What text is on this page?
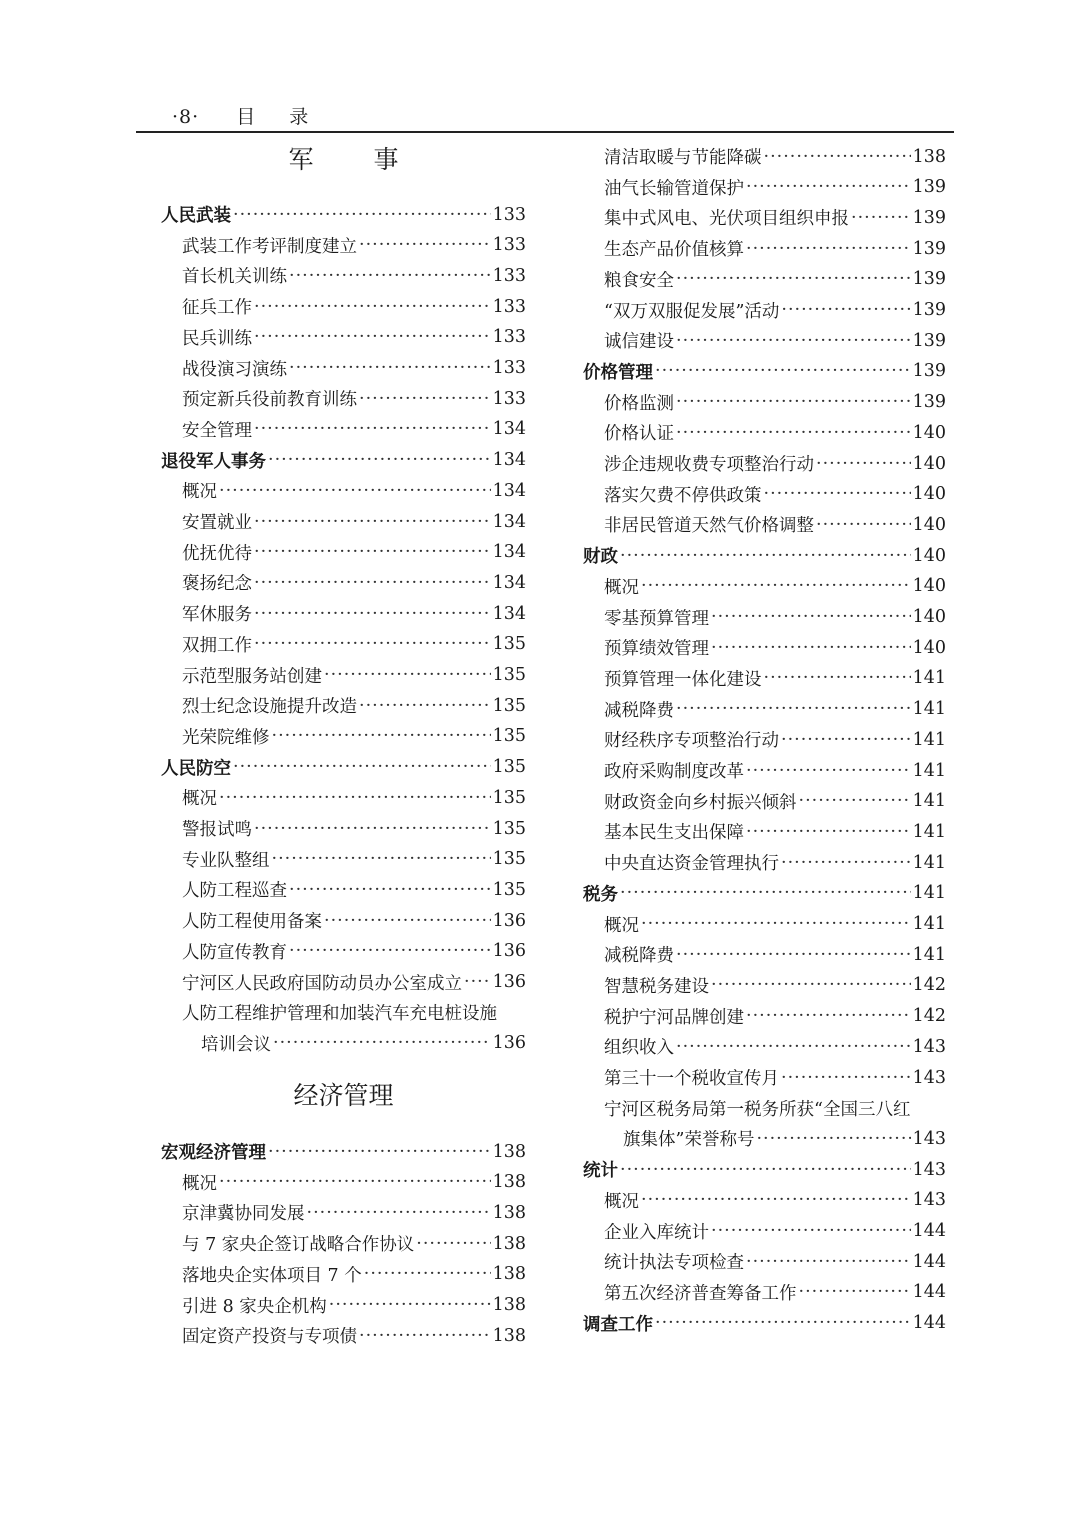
·8· 目 录
军 事
人民武装 ·····	133
武装工作考评制度建立 ·····	133
首长机关训练 ·····	133
征兵工作 ·····	133
民兵训练 ·····	133
战役演习演练 ·····	133
预定新兵役前教育训练 ·····	133
安全管理 ·····	134
退役军人事务 ·····	134
概况 ·····	134
安置就业 ·····	134
优抚优待 ·····	134
褒扬纪念 ·····	134
军休服务 ·····	134
双拥工作 ·····	135
示范型服务站创建 ·····	135
烈士纪念设施提升改造 ·····	135
光荣院维修 ·····	135
人民防空 ·····	135
概况 ·····	135
警报试鸣 ·····	135
专业队整组 ·····	135
人防工程巡查 ·····	135
人防工程使用备案 ·····	136
人防宣传教育 ·····	136
宁河区人民政府国防动员办公室成立 ····· 136
人防工程维护管理和加装汽车充电桩设施
培训会议 ·····	136
经济管理
宏观经济管理 ·····	138
概况 ·····	138
京津冀协同发展 ·····	138
与 7 家央企签订战略合作协议 ·····	138
落地央企实体项目 7 个 ·····	138
引进 8 家央企机构 ·····	138
固定资产投资与专项债 ·····	138
清洁取暖与节能降碳 ·····	138
油气长输管道保护 ·····	139
集中式风电、光伏项目组织申报 ·····	139
生态产品价值核算 ·····	139
粮食安全 ·····	139
“双万双服促发展”活动 ·····	139
诚信建设 ·····	139
价格管理 ·····	139
价格监测 ·····	139
价格认证 ·····	140
涉企违规收费专项整治行动 ·····	140
落实欠费不停供政策 ·····	140
非居民管道天然气价格调整 ·····	140
财政 ·····	140
概况 ·····	140
零基预算管理 ·····	140
预算绩效管理 ·····	140
预算管理一体化建设 ·····	141
减税降费 ·····	141
财经秩序专项整治行动 ·····	141
政府采购制度改革 ·····	141
财政资金向乡村振兴倾斜 ·····	141
基本民生支出保障 ·····	141
中央直达资金管理执行 ·····	141
税务 ·····	141
概况 ·····	141
减税降费 ·····	141
智慧税务建设 ·····	142
税护宁河品牌创建 ·····	142
组织收入 ·····	143
第三十一个税收宣传月 ·····	143
宁河区税务局第一税务所获“全国三八红
旗集体”荣誉称号 ·····	143
统计 ·····	143
概况 ·····	143
企业入库统计 ·····	144
统计执法专项检查 ·····	144
第五次经济普查筹备工作 ·····	144
调查工作 ·····	144
